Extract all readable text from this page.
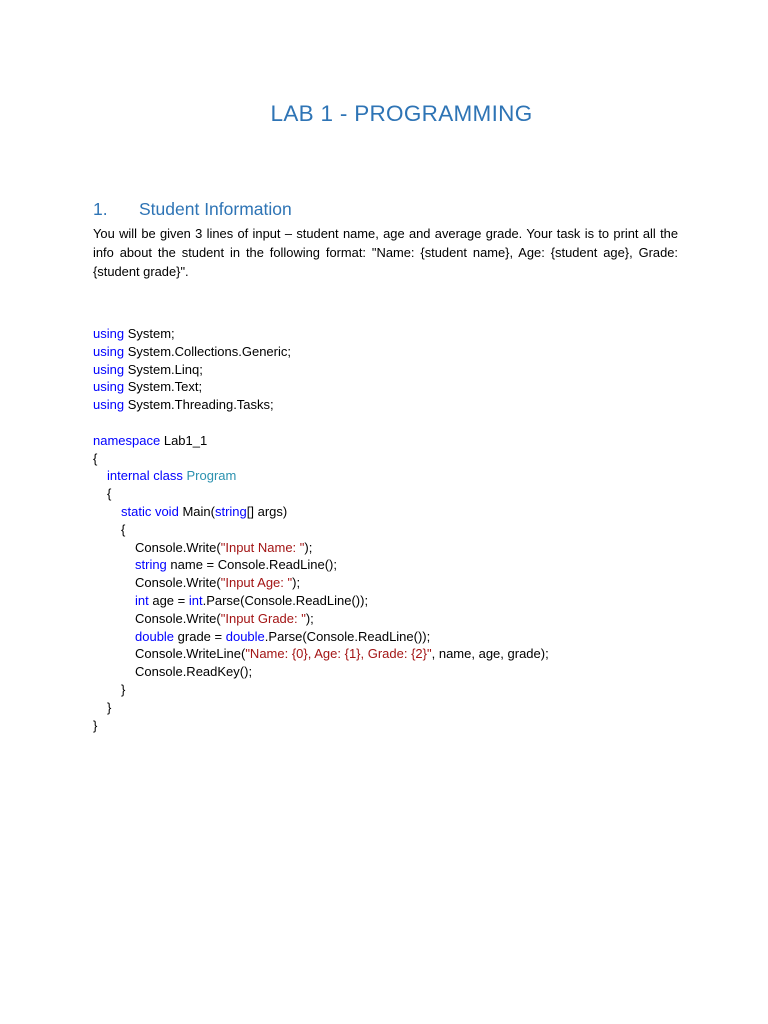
LAB 1 - PROGRAMMING
1. Student Information
You will be given 3 lines of input – student name, age and average grade. Your task is to print all the info about the student in the following format: "Name: {student name}, Age: {student age}, Grade: {student grade}".
using System;
using System.Collections.Generic;
using System.Linq;
using System.Text;
using System.Threading.Tasks;
namespace Lab1_1
{
internal class Program
{
static void Main(string[] args)
{
Console.Write("Input Name: ");
string name = Console.ReadLine();
Console.Write("Input Age: ");
int age = int.Parse(Console.ReadLine());
Console.Write("Input Grade: ");
double grade = double.Parse(Console.ReadLine());
Console.WriteLine("Name: {0}, Age: {1}, Grade: {2}", name, age, grade);
Console.ReadKey();
}
}
}
